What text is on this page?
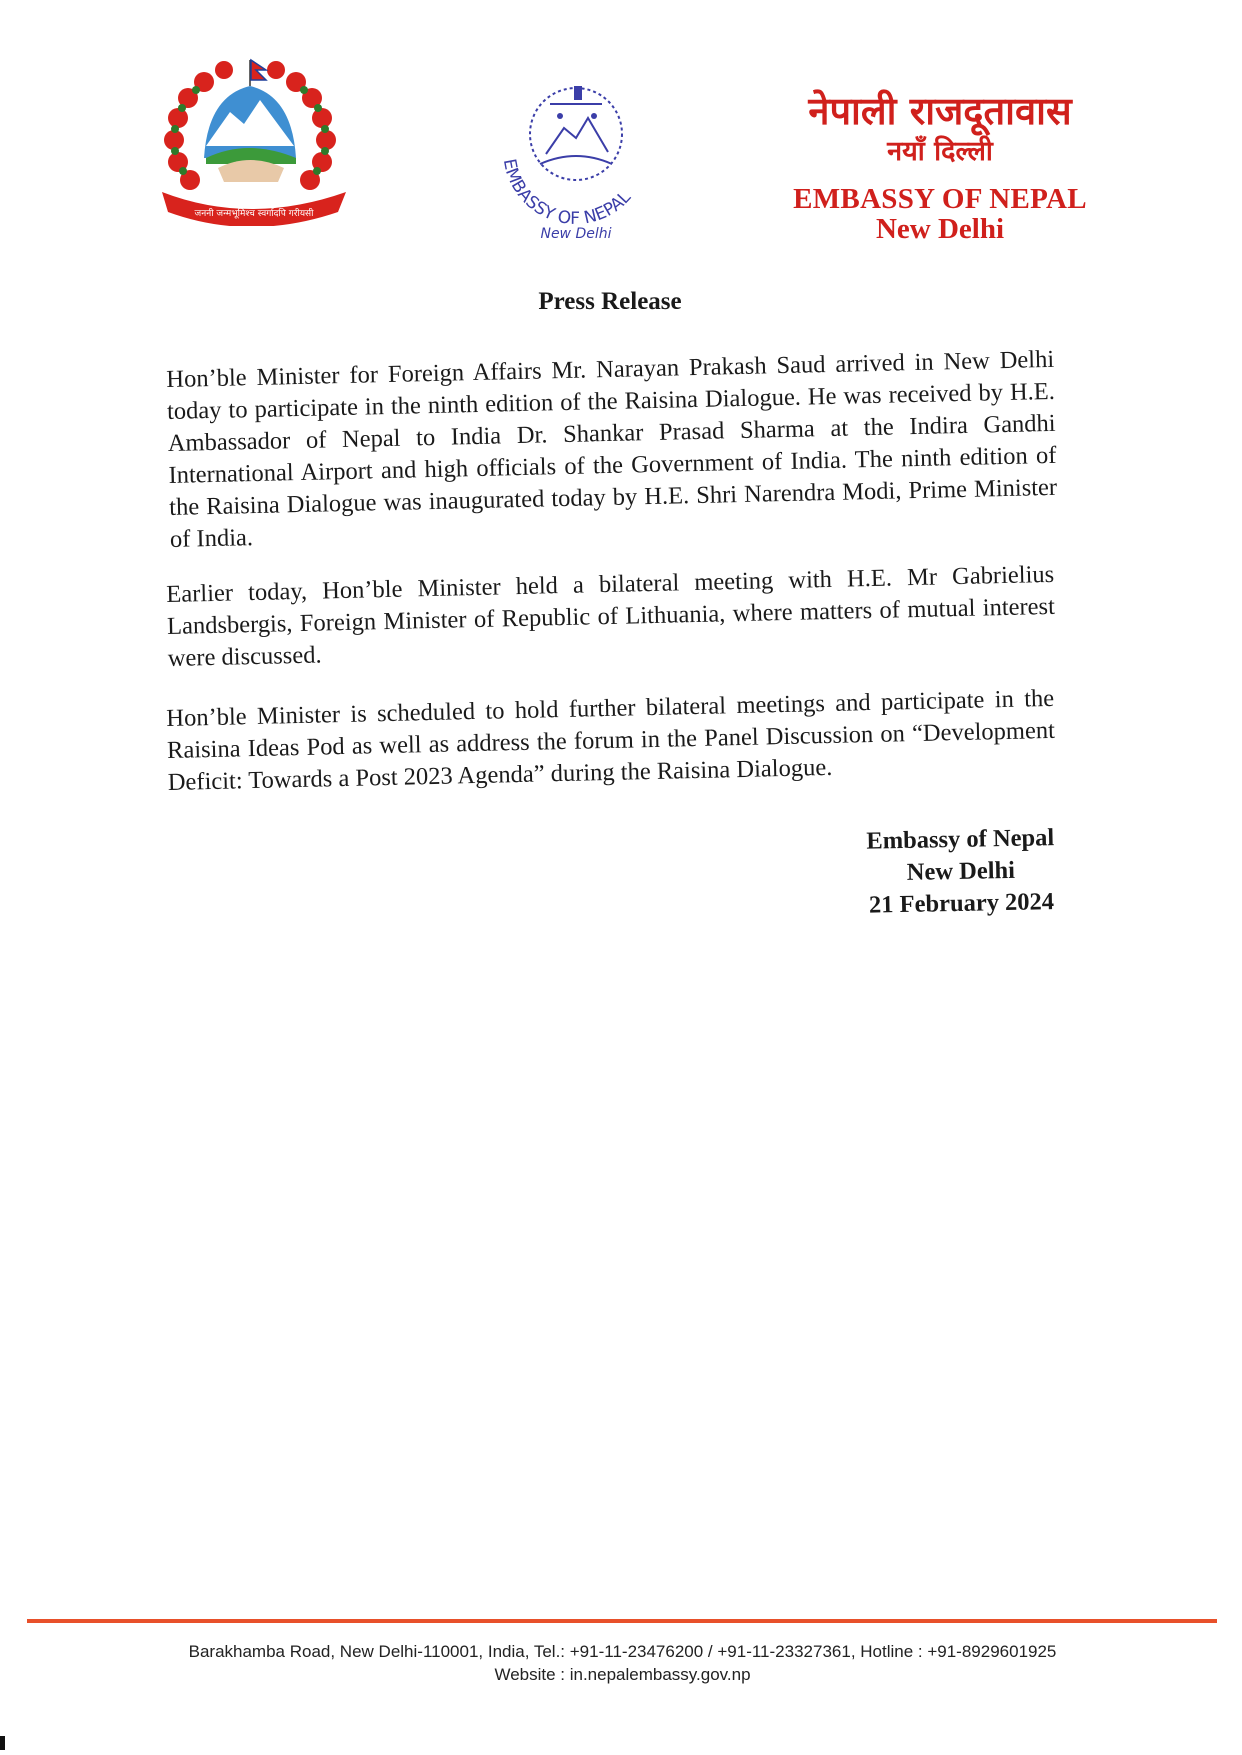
जननी जन्मभूमिश्च स्वर्गादपि गरीयसी
EMBASSY OF NEPAL
New Delhi
नेपाली राजदूतावास
नयाँ दिल्ली
EMBASSY OF NEPAL
New Delhi
Press Release
Hon’ble Minister for Foreign Affairs Mr. Narayan Prakash Saud arrived in New Delhi today to participate in the ninth edition of the Raisina Dialogue. He was received by H.E. Ambassador of Nepal to India Dr. Shankar Prasad Sharma at the Indira Gandhi International Airport and high officials of the Government of India. The ninth edition of the Raisina Dialogue was inaugurated today by H.E. Shri Narendra Modi, Prime Minister of India.
Earlier today, Hon’ble Minister held a bilateral meeting with H.E. Mr Gabrielius Landsbergis, Foreign Minister of Republic of Lithuania, where matters of mutual interest were discussed.
Hon’ble Minister is scheduled to hold further bilateral meetings and participate in the Raisina Ideas Pod as well as address the forum in the Panel Discussion on “Development Deficit: Towards a Post 2023 Agenda” during the Raisina Dialogue.
Embassy of Nepal
New Delhi
21 February 2024
Barakhamba Road, New Delhi-110001, India, Tel.: +91-11-23476200 / +91-11-23327361, Hotline : +91-8929601925
Website : in.nepalembassy.gov.np
